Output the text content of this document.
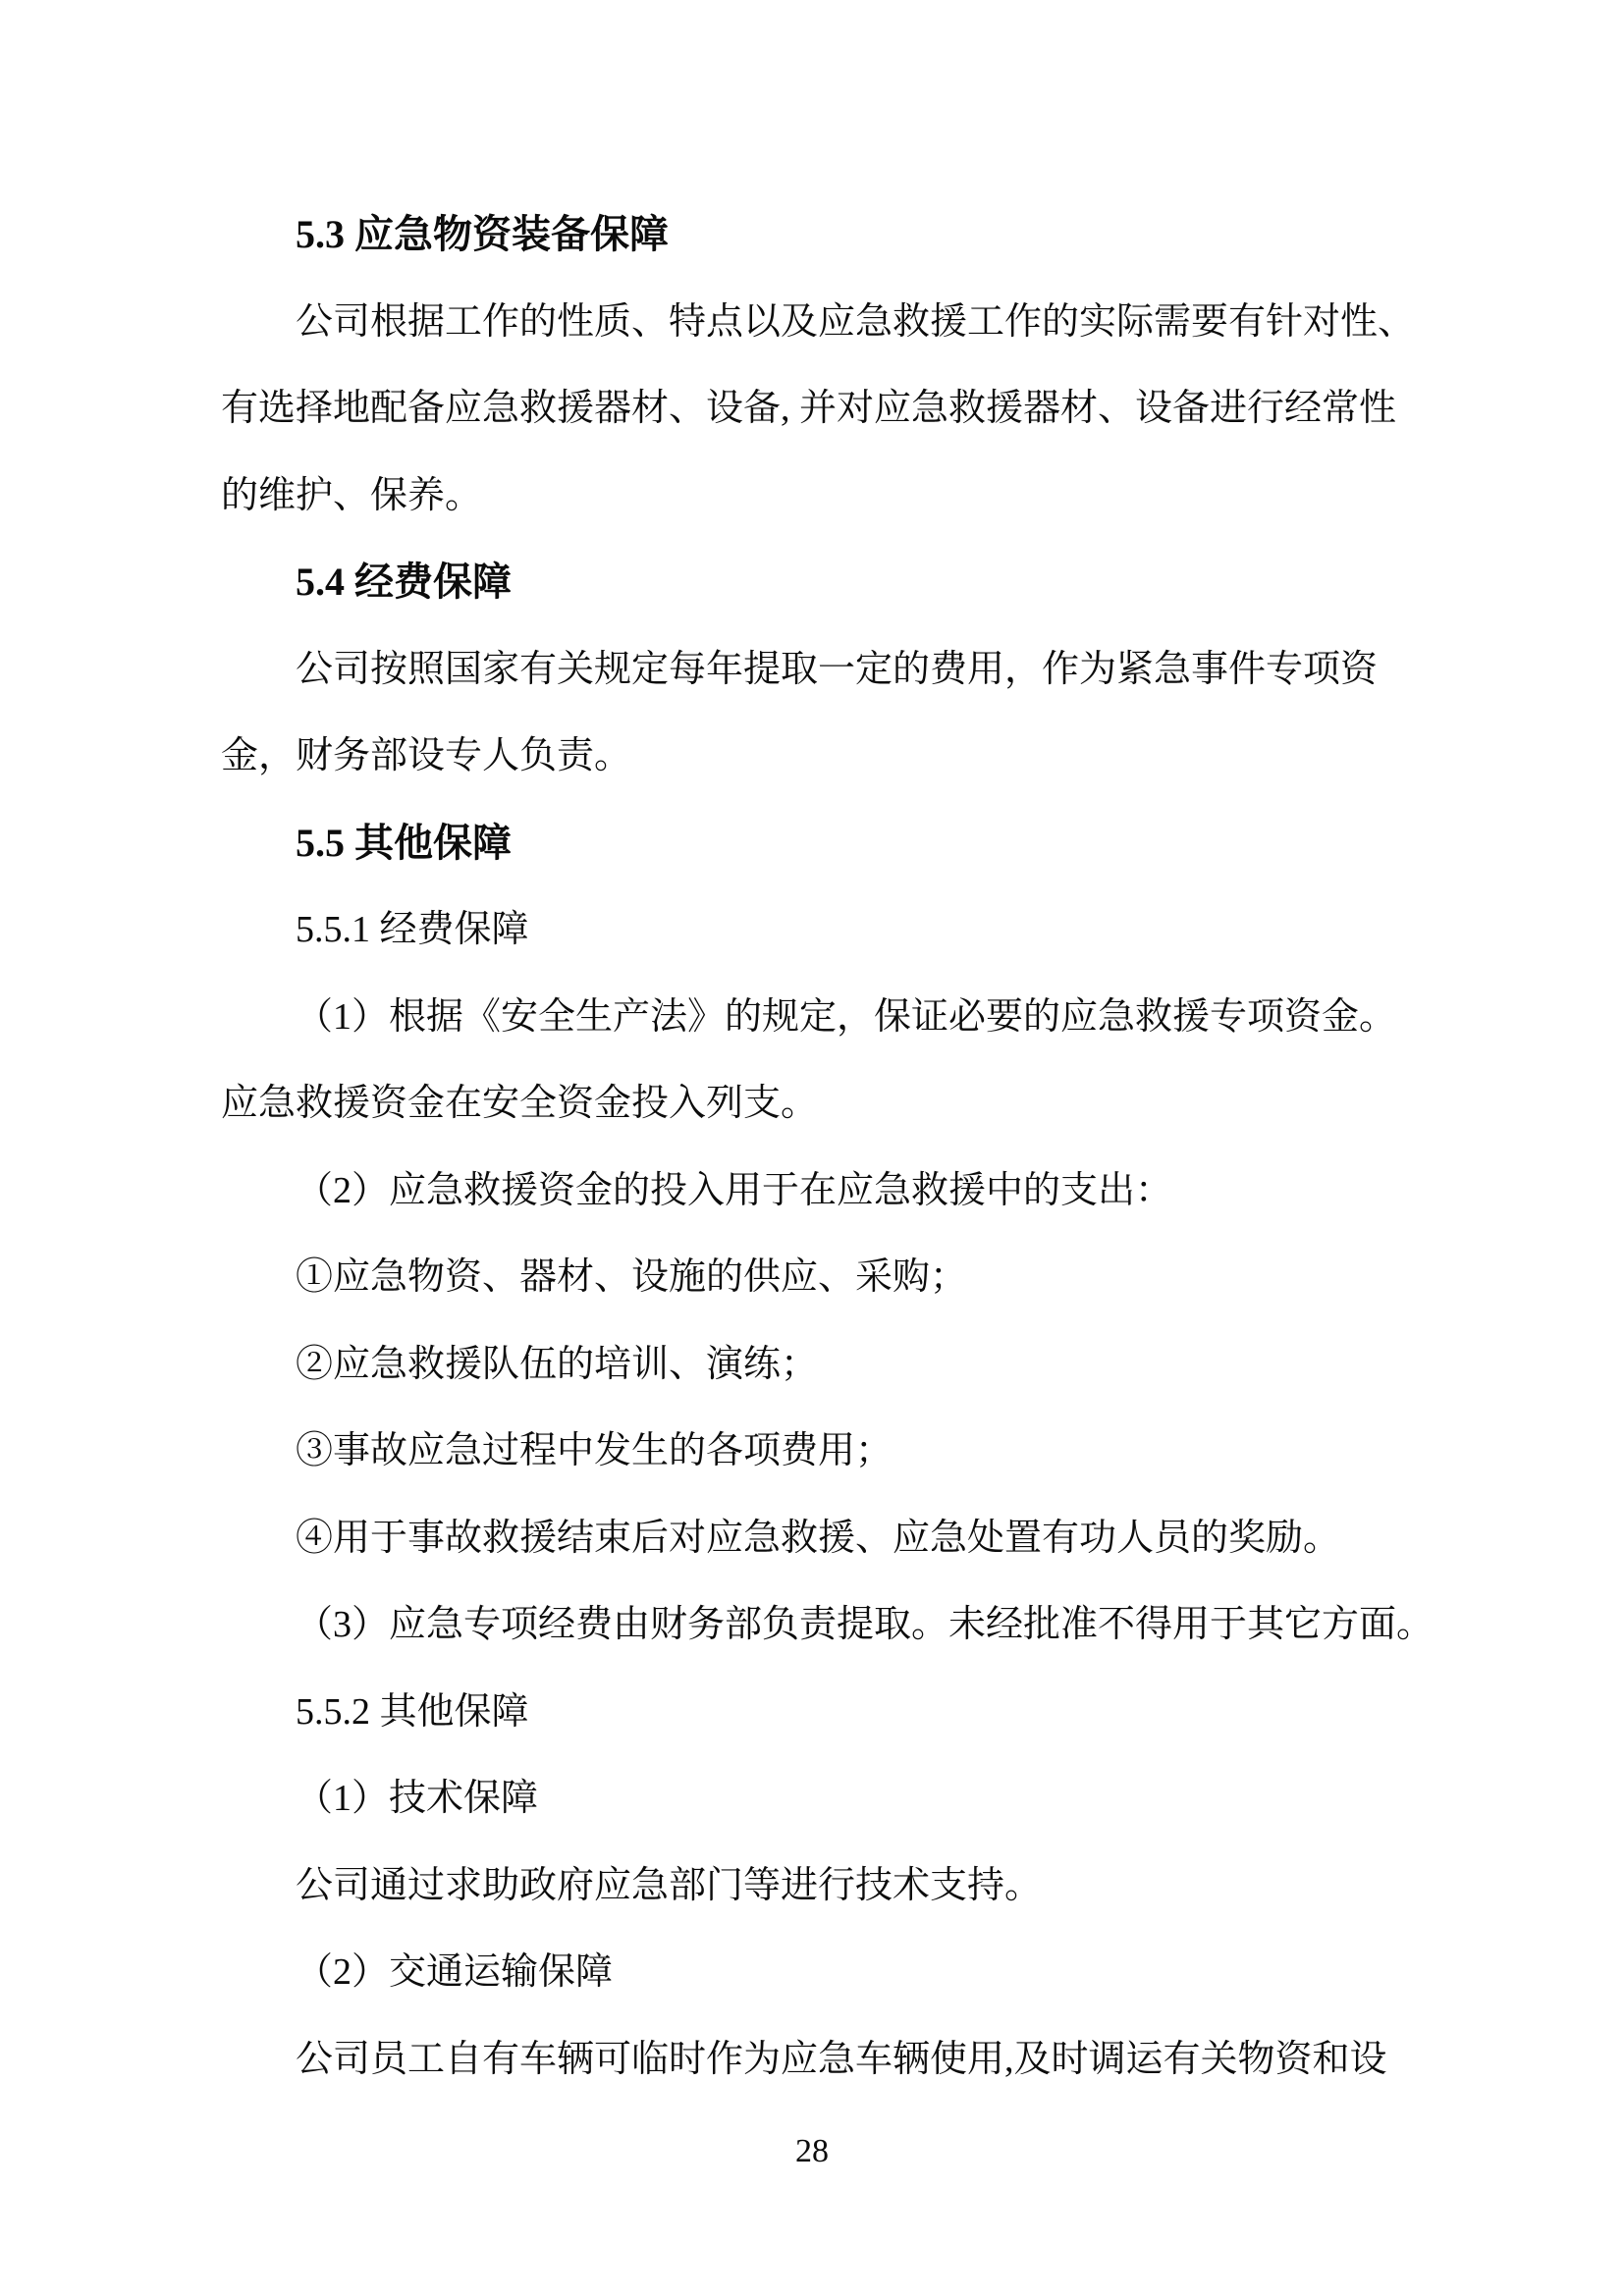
5.3 应急物资装备保障
公司根据工作的性质、特点以及应急救援工作的实际需要有针对性、
有选择地配备应急救援器材、设备, 并对应急救援器材、设备进行经常性
的维护、保养。
5.4 经费保障
公司按照国家有关规定每年提取一定的费用，作为紧急事件专项资
金，财务部设专人负责。
5.5 其他保障
5.5.1 经费保障
（1）根据《安全生产法》的规定，保证必要的应急救援专项资金。
应急救援资金在安全资金投入列支。
（2）应急救援资金的投入用于在应急救援中的支出：
①应急物资、器材、设施的供应、采购；
②应急救援队伍的培训、演练；
③事故应急过程中发生的各项费用；
④用于事故救援结束后对应急救援、应急处置有功人员的奖励。
（3）应急专项经费由财务部负责提取。未经批准不得用于其它方面。
5.5.2 其他保障
（1）技术保障
公司通过求助政府应急部门等进行技术支持。
（2）交通运输保障
公司员工自有车辆可临时作为应急车辆使用,及时调运有关物资和设
28
